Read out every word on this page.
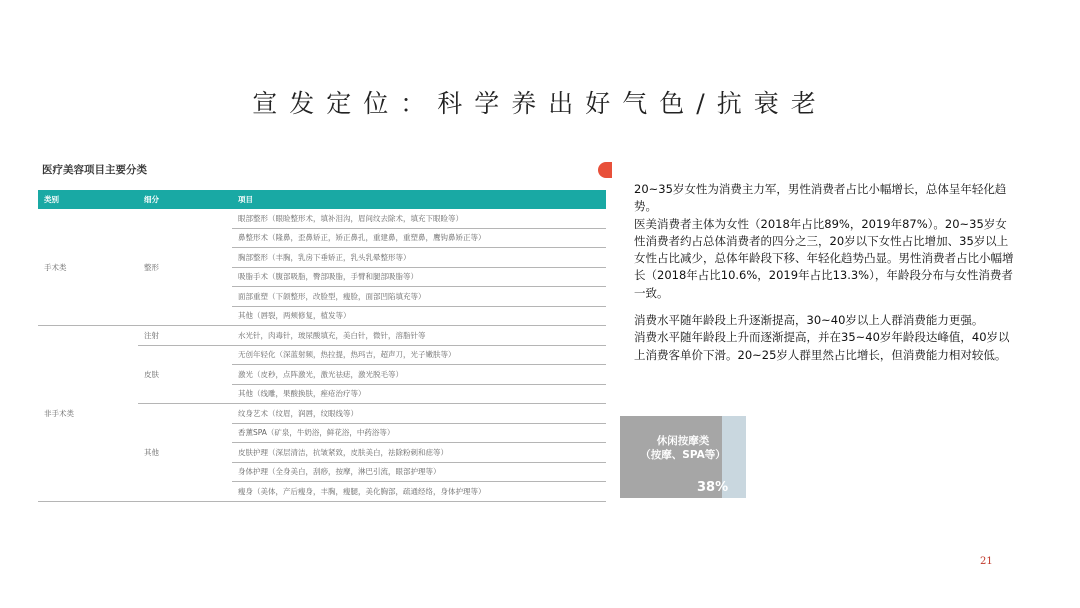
宣发定位：科学养出好气色/抗衰老
医疗美容项目主要分类
类别	细分	项目
手术类	整形	眼部整形（眼睑整形术，填补泪沟，眉间纹去除术，填充下眼睑等）
		鼻整形术（隆鼻，歪鼻矫正，矫正鼻孔，重建鼻，重塑鼻，鹰钩鼻矫正等）
		胸部整形（丰胸，乳房下垂矫正，乳头乳晕整形等）
		吸脂手术（腹部吸脂，臀部吸脂，手臂和腿部吸脂等）
		面部重塑（下颌整形，改脸型，瘦脸，面部凹陷填充等）
		其他（唇裂，两颊修复，植发等）
非手术类	注射	水光针，肉毒针，玻尿酸填充，美白针，微针，溶脂针等
	皮肤	无创年轻化（深蓝射频，热拉提，热玛吉，超声刀，光子嫩肤等）
		激光（皮秒，点阵激光，激光祛痣，激光脱毛等）
		其他（线雕，果酸换肤，痤疮治疗等）
	其他	纹身艺术（纹眉，润唇，纹眼线等）
		香薰SPA（矿泉，牛奶浴，鲜花浴，中药浴等）
		皮肤护理（深层清洁，抗皱紧致，皮肤美白，祛除粉刺和痣等）
		身体护理（全身美白，刮痧，按摩，淋巴引流，眼部护理等）
		瘦身（美体，产后瘦身，丰胸，瘦腿，美化胸部，疏通经络，身体护理等）

20~35岁女性为消费主力军，男性消费者占比小幅增长，总体呈年轻化趋势。

医美消费者主体为女性（2018年占比89%，2019年87%）。20~35岁女性消费者约占总体消费者的四分之三，20岁以下女性占比增加、35岁以上女性占比减少，总体年龄段下移、年轻化趋势凸显。男性消费者占比小幅增长（2018年占比10.6%，2019年占比13.3%），年龄段分布与女性消费者一致。

消费水平随年龄段上升逐渐提高，30~40岁以上人群消费能力更强。

消费水平随年龄段上升而逐渐提高，并在35~40岁年龄段达峰值，40岁以上消费客单价下滑。20~25岁人群里然占比增长，但消费能力相对较低。

休闲按摩类
（按摩、SPA等）
38%
21
